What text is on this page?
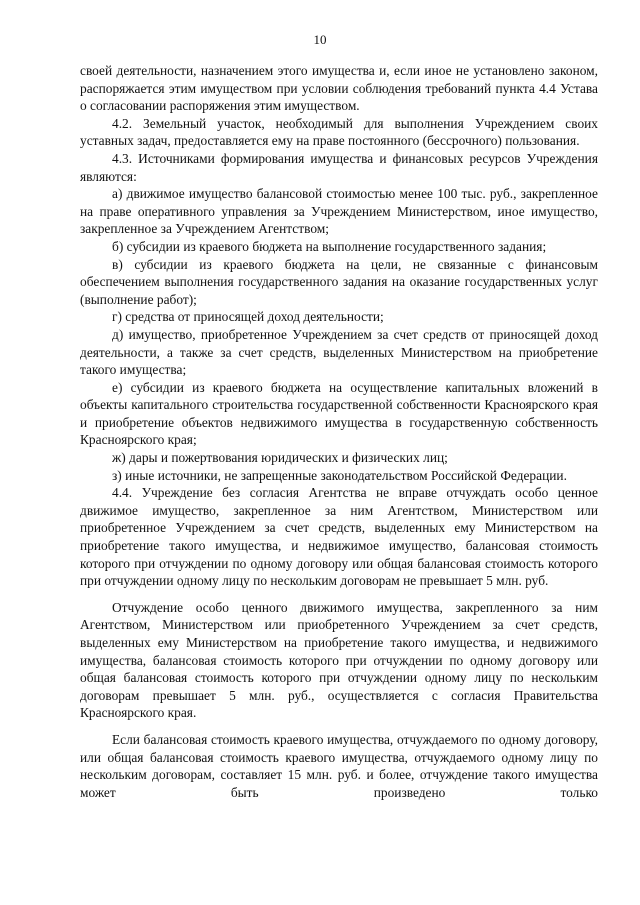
10

своей деятельности, назначением этого имущества и, если иное не установлено законом, распоряжается этим имуществом при условии соблюдения требований пункта 4.4 Устава о согласовании распоряжения этим имуществом.

4.2. Земельный участок, необходимый для выполнения Учреждением своих уставных задач, предоставляется ему на праве постоянного (бессрочного) пользования.

4.3. Источниками формирования имущества и финансовых ресурсов Учреждения являются:

а) движимое имущество балансовой стоимостью менее 100 тыс. руб., закрепленное на праве оперативного управления за Учреждением Министерством, иное имущество, закрепленное за Учреждением Агентством;

б) субсидии из краевого бюджета на выполнение государственного задания;

в) субсидии из краевого бюджета на цели, не связанные с финансовым обеспечением выполнения государственного задания на оказание государственных услуг (выполнение работ);

г) средства от приносящей доход деятельности;

д) имущество, приобретенное Учреждением за счет средств от приносящей доход деятельности, а также за счет средств, выделенных Министерством на приобретение такого имущества;

е) субсидии из краевого бюджета на осуществление капитальных вложений в объекты капитального строительства государственной собственности Красноярского края и приобретение объектов недвижимого имущества в государственную собственность Красноярского края;

ж) дары и пожертвования юридических и физических лиц;

з) иные источники, не запрещенные законодательством Российской Федерации.

4.4. Учреждение без согласия Агентства не вправе отчуждать особо ценное движимое имущество, закрепленное за ним Агентством, Министерством или приобретенное Учреждением за счет средств, выделенных ему Министерством на приобретение такого имущества, и недвижимое имущество, балансовая стоимость которого при отчуждении по одному договору или общая балансовая стоимость которого при отчуждении одному лицу по нескольким договорам не превышает 5 млн. руб.

Отчуждение особо ценного движимого имущества, закрепленного за ним Агентством, Министерством или приобретенного Учреждением за счет средств, выделенных ему Министерством на приобретение такого имущества, и недвижимого имущества, балансовая стоимость которого при отчуждении по одному договору или общая балансовая стоимость которого при отчуждении одному лицу по нескольким договорам превышает 5 млн. руб., осуществляется с согласия Правительства Красноярского края.

Если балансовая стоимость краевого имущества, отчуждаемого по одному договору, или общая балансовая стоимость краевого имущества, отчуждаемого одному лицу по нескольким договорам, составляет 15 млн. руб. и более, отчуждение такого имущества может быть произведено только
